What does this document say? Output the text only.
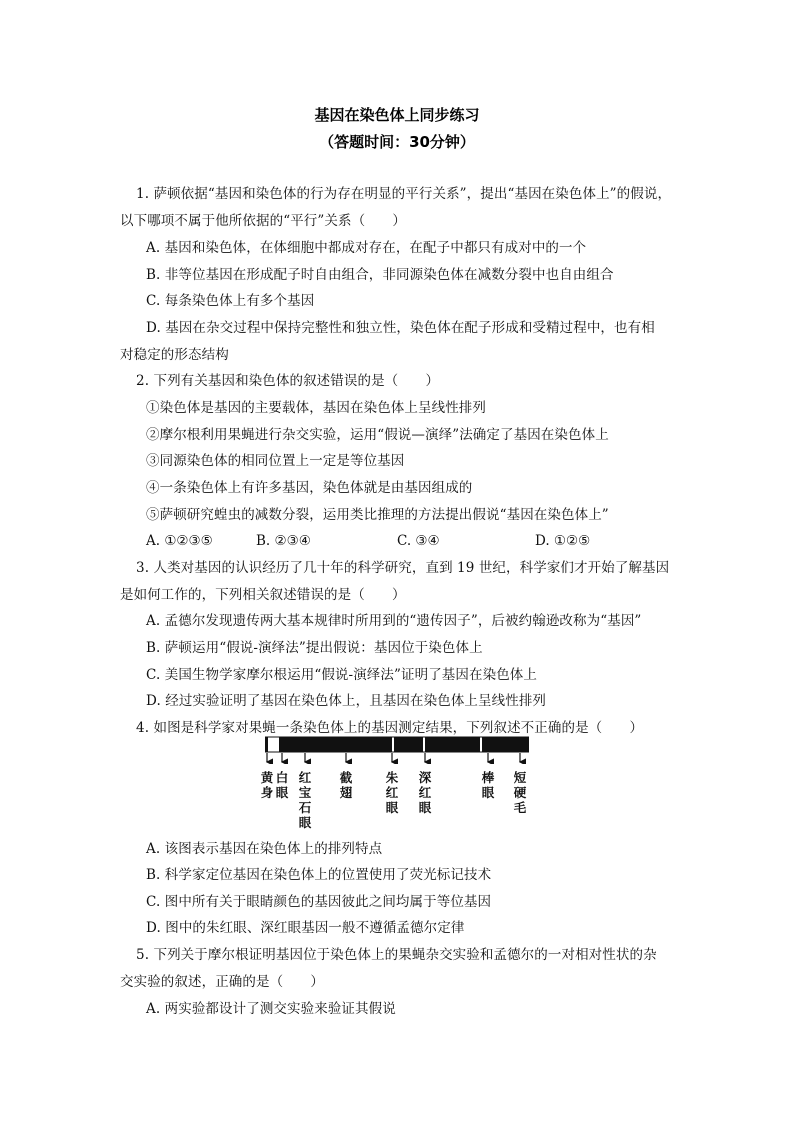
基因在染色体上同步练习
（答题时间：30分钟）
1. 萨顿依据“基因和染色体的行为存在明显的平行关系”，提出“基因在染色体上”的假说，
以下哪项不属于他所依据的“平行”关系（　　）
A. 基因和染色体，在体细胞中都成对存在，在配子中都只有成对中的一个
B. 非等位基因在形成配子时自由组合，非同源染色体在减数分裂中也自由组合
C. 每条染色体上有多个基因
D. 基因在杂交过程中保持完整性和独立性，染色体在配子形成和受精过程中，也有相
对稳定的形态结构
2. 下列有关基因和染色体的叙述错误的是（　　）
①染色体是基因的主要载体，基因在染色体上呈线性排列
②摩尔根利用果蝇进行杂交实验，运用“假说—演绎”法确定了基因在染色体上
③同源染色体的相同位置上一定是等位基因
④一条染色体上有许多基因，染色体就是由基因组成的
⑤萨顿研究蝗虫的减数分裂，运用类比推理的方法提出假说“基因在染色体上”
A. ①②③⑤	B. ②③④	C. ③④	D. ①②⑤
3. 人类对基因的认识经历了几十年的科学研究，直到 19 世纪，科学家们才开始了解基因
是如何工作的，下列相关叙述错误的是（　　）
A. 孟德尔发现遗传两大基本规律时所用到的“遗传因子”，后被约翰逊改称为“基因”
B. 萨顿运用“假说-演绎法”提出假说：基因位于染色体上
C. 美国生物学家摩尔根运用“假说-演绎法”证明了基因在染色体上
D. 经过实验证明了基因在染色体上，且基因在染色体上呈线性排列
4. 如图是科学家对果蝇一条染色体上的基因测定结果，下列叙述不正确的是（　　）
黄
身
白
眼
红
宝
石
眼
截
翅
朱
红
眼
深
红
眼
棒
眼
短
硬
毛
A. 该图表示基因在染色体上的排列特点
B. 科学家定位基因在染色体上的位置使用了荧光标记技术
C. 图中所有关于眼睛颜色的基因彼此之间均属于等位基因
D. 图中的朱红眼、深红眼基因一般不遵循孟德尔定律
5. 下列关于摩尔根证明基因位于染色体上的果蝇杂交实验和孟德尔的一对相对性状的杂
交实验的叙述，正确的是（　　）
A. 两实验都设计了测交实验来验证其假说
